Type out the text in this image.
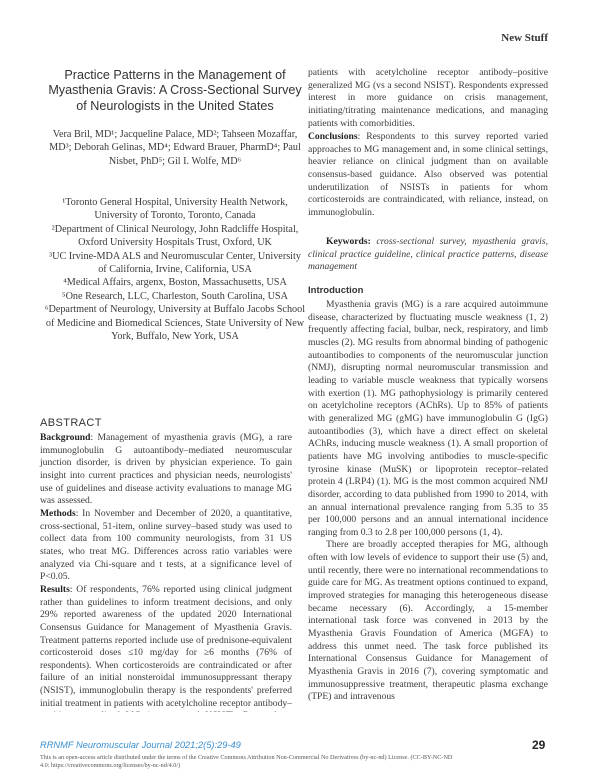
New Stuff
Practice Patterns in the Management of Myasthenia Gravis: A Cross-Sectional Survey of Neurologists in the United States
Vera Bril, MD¹; Jacqueline Palace, MD²; Tahseen Mozaffar, MD³; Deborah Gelinas, MD⁴; Edward Brauer, PharmD⁴; Paul Nisbet, PhD⁵; Gil I. Wolfe, MD⁶
¹Toronto General Hospital, University Health Network, University of Toronto, Toronto, Canada
²Department of Clinical Neurology, John Radcliffe Hospital, Oxford University Hospitals Trust, Oxford, UK
³UC Irvine-MDA ALS and Neuromuscular Center, University of California, Irvine, California, USA
⁴Medical Affairs, argenx, Boston, Massachusetts, USA
⁵One Research, LLC, Charleston, South Carolina, USA
⁶Department of Neurology, University at Buffalo Jacobs School of Medicine and Biomedical Sciences, State University of New York, Buffalo, New York, USA
ABSTRACT

Background: Management of myasthenia gravis (MG), a rare immunoglobulin G autoantibody–mediated neuromuscular junction disorder, is driven by physician experience. To gain insight into current practices and physician needs, neurologists' use of guidelines and disease activity evaluations to manage MG was assessed.

Methods: In November and December of 2020, a quantitative, cross-sectional, 51-item, online survey–based study was used to collect data from 100 community neurologists, from 31 US states, who treat MG. Differences across ratio variables were analyzed via Chi-square and t tests, at a significance level of P<0.05.

Results: Of respondents, 76% reported using clinical judgment rather than guidelines to inform treatment decisions, and only 29% reported awareness of the updated 2020 International Consensus Guidance for Management of Myasthenia Gravis. Treatment patterns reported include use of prednisone-equivalent corticosteroid doses ≤10 mg/day for ≥6 months (76% of respondents). When corticosteroids are contraindicated or after failure of an initial nonsteroidal immunosuppressant therapy (NSIST), immunoglobulin therapy is the respondents' preferred initial treatment in patients with acetylcholine receptor antibody–

patients with acetylcholine receptor antibody–positive generalized MG (vs a second NSIST). Respondents expressed interest in more guidance on crisis management, initiating/titrating maintenance medications, and managing patients with comorbidities.

Conclusions: Respondents to this survey reported varied approaches to MG management and, in some clinical settings, heavier reliance on clinical judgment than on available consensus-based guidance. Also observed was potential underutilization of NSISTs in patients for whom corticosteroids are contraindicated, with reliance, instead, on immunoglobulin.

Keywords: cross-sectional survey, myasthenia gravis, clinical practice guideline, clinical practice patterns, disease management

Introduction

Myasthenia gravis (MG) is a rare acquired autoimmune disease, characterized by fluctuating muscle weakness (1, 2) frequently affecting facial, bulbar, neck, respiratory, and limb muscles (2). MG results from abnormal binding of pathogenic autoantibodies to components of the neuromuscular junction (NMJ), disrupting normal neuromuscular transmission and leading to variable muscle weakness that typically worsens with exertion (1). MG pathophysiology is primarily centered on acetylcholine receptors (AChRs). Up to 85% of patients with generalized MG (gMG) have immunoglobulin G (IgG) autoantibodies (3), which have a direct effect on skeletal AChRs, inducing muscle weakness (1). A small proportion of patients have MG involving antibodies to muscle-specific tyrosine kinase (MuSK) or lipoprotein receptor–related protein 4 (LRP4) (1). MG is the most common acquired NMJ disorder, according to data published from 1990 to 2014, with an annual international prevalence ranging from 5.35 to 35 per 100,000 persons and an annual international incidence ranging from 0.3 to 2.8 per 100,000 persons (1, 4).

There are broadly accepted therapies for MG, although often with low levels of evidence to support their use (5) and, until recently, there were no international recommendations to guide care for MG. As treatment options continued to expand, improved strategies for managing this heterogeneous disease became necessary (6). Accordingly, a 15-member international task force was convened in 2013 by the Myasthenia Gravis Foundation of America (MGFA) to address this unmet need. The task force published its International Consensus Guidance for Management of Myasthenia Gravis in 2016 (7), covering symptomatic and immunosuppressive treatment, therapeutic plasma exchange (TPE) and intravenous

RRNMF Neuromuscular Journal 2021;2(5):29-49
This is an open-access article distributed under the terms of the Creative Commons Attribution Non-Commercial No Derivatives (by-nc-nd) License. (CC-BY-NC-ND 4.0: https://creativecommons.org/licenses/by-nc-nd/4.0/)
29
